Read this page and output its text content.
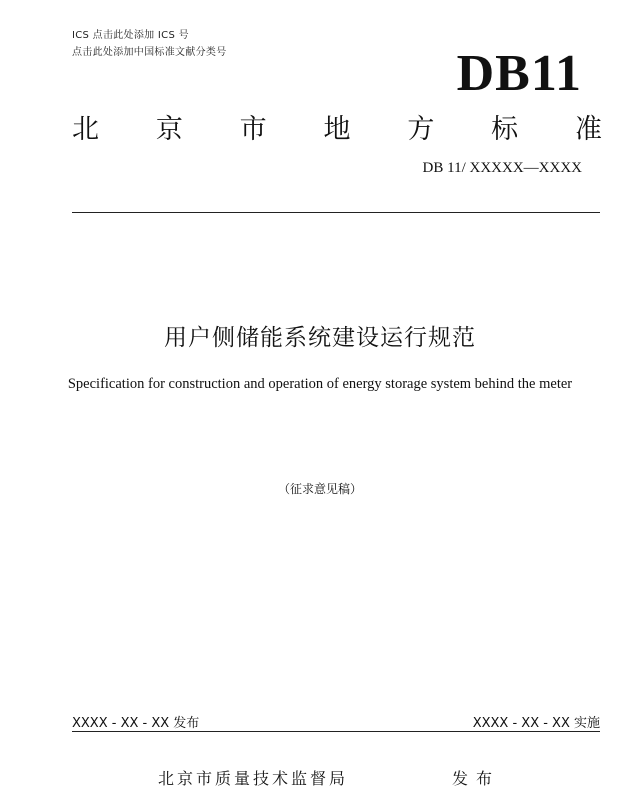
ICS 点击此处添加 ICS 号
点击此处添加中国标准文献分类号	DB11
北 京 市 地 方 标 准
DB 11/ XXXXX—XXXX
用户侧储能系统建设运行规范
Specification for construction and operation of energy storage system behind the meter
（征求意见稿）
XXXX - XX - XX 发布	XXXX - XX - XX 实施
北京市质量技术监督局	发布
